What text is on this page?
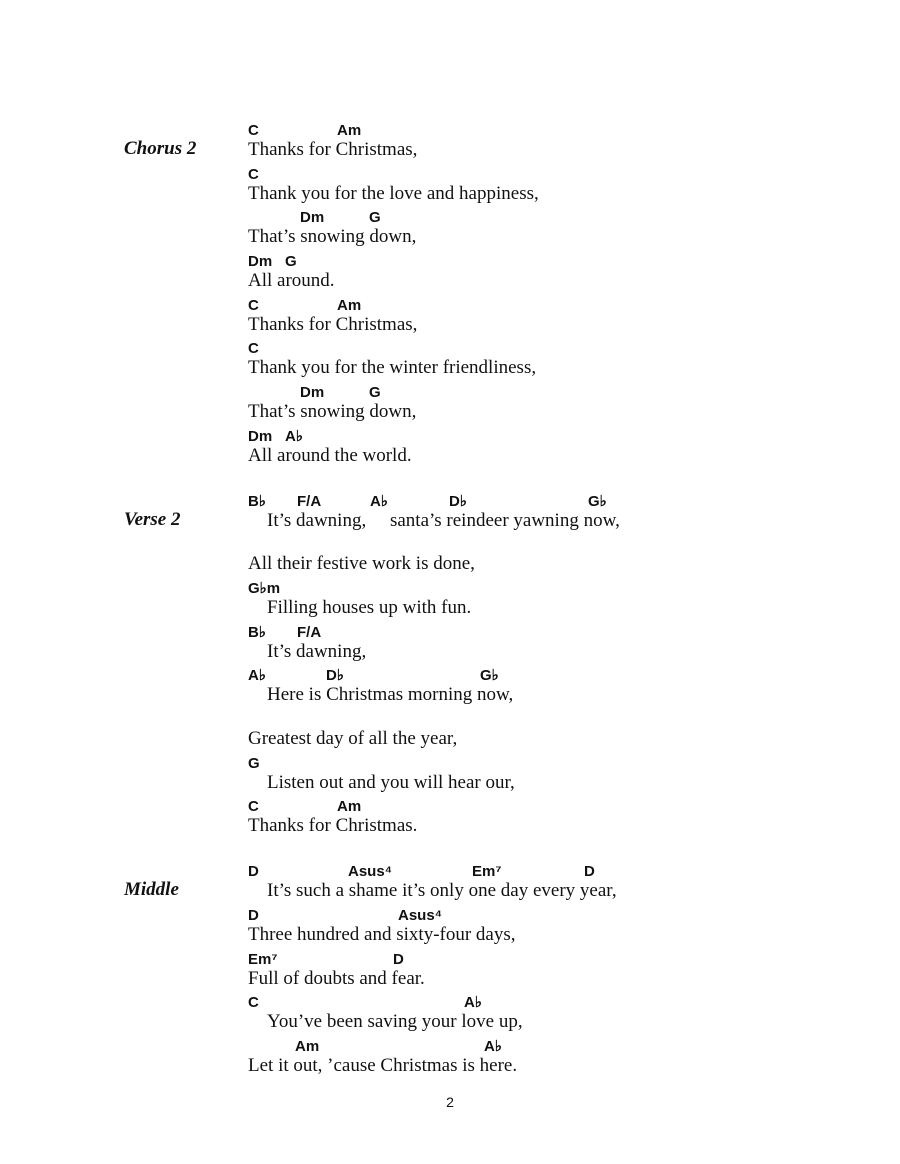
Chorus 2
C	Am
Thanks for Christmas,
C
Thank you for the love and happiness,
Dm	G
That’s snowing down,
Dm G
All around.
C	Am
Thanks for Christmas,
C
Thank you for the winter friendliness,
Dm	G
That’s snowing down,
Dm A♭
All around the world.
Verse 2
B♭ F/A	A♭	D♭	G♭
It’s dawning,     santa’s reindeer yawning now,
All their festive work is done,
G♭m
Filling houses up with fun.
B♭ F/A
It’s dawning,
A♭	D♭	G♭
Here is Christmas morning now,
Greatest day of all the year,
G
Listen out and you will hear our,
C	Am
Thanks for Christmas.
Middle
D	Asus⁴	Em⁷	D
It’s such a shame it’s only one day every year,
D	Asus⁴
Three hundred and sixty-four days,
Em⁷	D
Full of doubts and fear.
C	A♭
You’ve been saving your love up,
Am	A♭
Let it out, ’cause Christmas is here.
2
